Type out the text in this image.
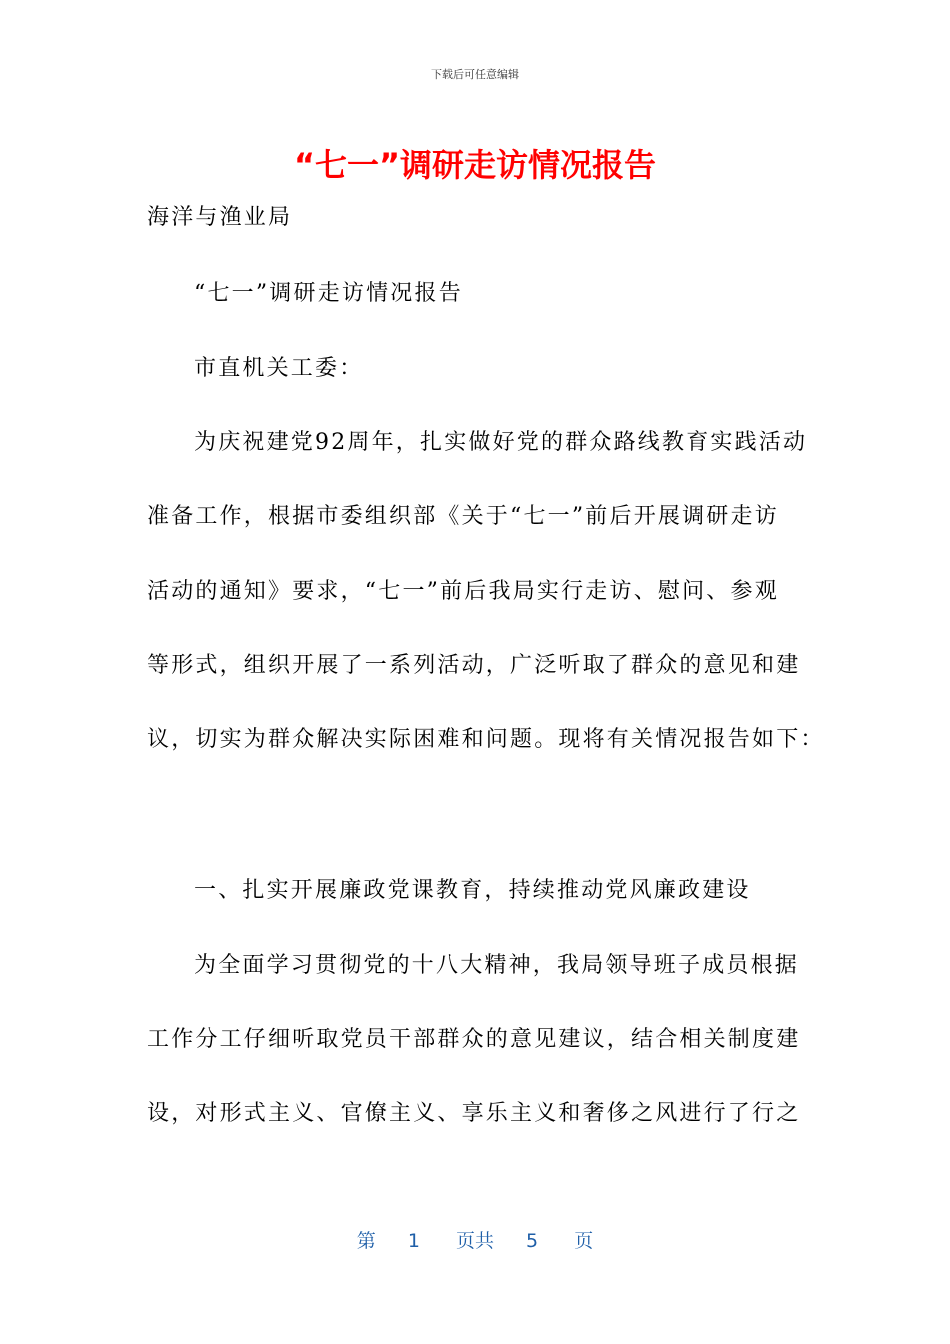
下载后可任意编辑
“七一”调研走访情况报告
海洋与渔业局
“七一”调研走访情况报告
市直机关工委：
为庆祝建党92周年，扎实做好党的群众路线教育实践活动
准备工作，根据市委组织部《关于“七一”前后开展调研走访
活动的通知》要求，“七一”前后我局实行走访、慰问、参观
等形式，组织开展了一系列活动，广泛听取了群众的意见和建
议，切实为群众解决实际困难和问题。现将有关情况报告如下：
一、扎实开展廉政党课教育，持续推动党风廉政建设
为全面学习贯彻党的十八大精神，我局领导班子成员根据
工作分工仔细听取党员干部群众的意见建议，结合相关制度建
设，对形式主义、官僚主义、享乐主义和奢侈之风进行了行之
第 1 页共 5 页
